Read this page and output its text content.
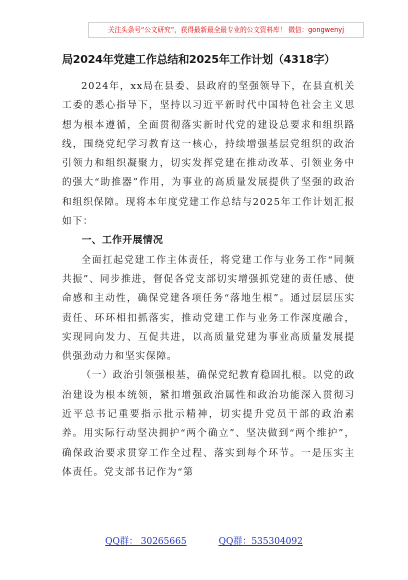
关注头条号“公文研究”，获得最新最全最专业的公文资料库！ 微信：gongwenyj
局2024年党建工作总结和2025年工作计划（4318字）

2024年，xx局在县委、县政府的坚强领导下，在县直机关工委的悉心指导下，坚持以习近平新时代中国特色社会主义思想为根本遵循，全面贯彻落实新时代党的建设总要求和组织路线，围绕党纪学习教育这一核心，持续增强基层党组织的政治引领力和组织凝聚力，切实发挥党建在推动改革、引领业务中的强大“助推器”作用，为事业的高质量发展提供了坚强的政治和组织保障。现将本年度党建工作总结与2025年工作计划汇报如下：

一、工作开展情况

全面扛起党建工作主体责任，将党建工作与业务工作“同频共振”、同步推进，督促各党支部切实增强抓党建的责任感、使命感和主动性，确保党建各项任务“落地生根”。通过层层压实责任、环环相扣抓落实，推动党建工作与业务工作深度融合，实现同向发力、互促共进，以高质量党建为事业高质量发展提供强劲动力和坚实保障。

（一）政治引领强根基，确保党纪教育稳固扎根。以党的政治建设为根本统领，紧扣增强政治属性和政治功能深入贯彻习近平总书记重要指示批示精神，切实提升党员干部的政治素养。用实际行动坚决拥护“两个确立”、坚决做到“两个维护”，确保政治要求贯穿工作全过程、落实到每个环节。一是压实主体责任。党支部书记作为“第

QQ群： 30265665	QQ群：535304092
